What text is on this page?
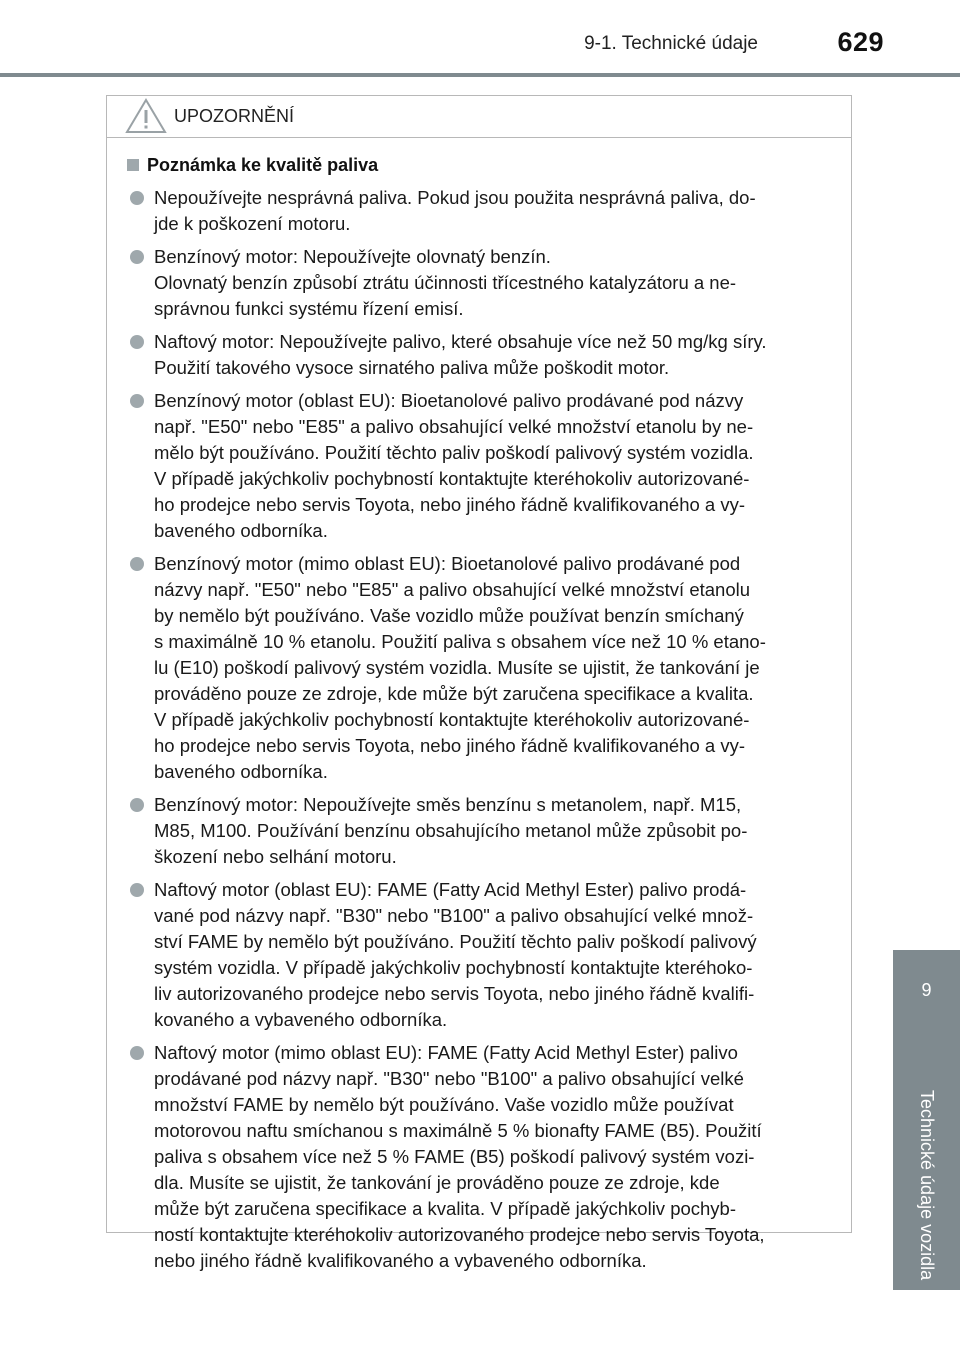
9-1. Technické údaje	629
9
Technické údaje vozidla
UPOZORNĚNÍ
Poznámka ke kvalitě paliva
Nepoužívejte nesprávná paliva. Pokud jsou použita nesprávná paliva, do-
jde k poškození motoru.
Benzínový motor: Nepoužívejte olovnatý benzín.
Olovnatý benzín způsobí ztrátu účinnosti třícestného katalyzátoru a ne-
správnou funkci systému řízení emisí.
Naftový motor: Nepoužívejte palivo, které obsahuje více než 50 mg/kg síry.
Použití takového vysoce sirnatého paliva může poškodit motor.
Benzínový motor (oblast EU): Bioetanolové palivo prodávané pod názvy
např. "E50" nebo "E85" a palivo obsahující velké množství etanolu by ne-
mělo být používáno. Použití těchto paliv poškodí palivový systém vozidla.
V případě jakýchkoliv pochybností kontaktujte kteréhokoliv autorizované-
ho prodejce nebo servis Toyota, nebo jiného řádně kvalifikovaného a vy-
baveného odborníka.
Benzínový motor (mimo oblast EU): Bioetanolové palivo prodávané pod
názvy např. "E50" nebo "E85" a palivo obsahující velké množství etanolu
by nemělo být používáno. Vaše vozidlo může používat benzín smíchaný
s maximálně 10 % etanolu. Použití paliva s obsahem více než 10 % etano-
lu (E10) poškodí palivový systém vozidla. Musíte se ujistit, že tankování je
prováděno pouze ze zdroje, kde může být zaručena specifikace a kvalita.
V případě jakýchkoliv pochybností kontaktujte kteréhokoliv autorizované-
ho prodejce nebo servis Toyota, nebo jiného řádně kvalifikovaného a vy-
baveného odborníka.
Benzínový motor: Nepoužívejte směs benzínu s metanolem, např. M15,
M85, M100. Používání benzínu obsahujícího metanol může způsobit po-
škození nebo selhání motoru.
Naftový motor (oblast EU): FAME (Fatty Acid Methyl Ester) palivo prodá-
vané pod názvy např. "B30" nebo "B100" a palivo obsahující velké množ-
ství FAME by nemělo být používáno. Použití těchto paliv poškodí palivový
systém vozidla. V případě jakýchkoliv pochybností kontaktujte kteréhoko-
liv autorizovaného prodejce nebo servis Toyota, nebo jiného řádně kvalifi-
kovaného a vybaveného odborníka.
Naftový motor (mimo oblast EU): FAME (Fatty Acid Methyl Ester) palivo
prodávané pod názvy např. "B30" nebo "B100" a palivo obsahující velké
množství FAME by nemělo být používáno. Vaše vozidlo může používat
motorovou naftu smíchanou s maximálně 5 % bionafty FAME (B5). Použití
paliva s obsahem více než 5 % FAME (B5) poškodí palivový systém vozi-
dla. Musíte se ujistit, že tankování je prováděno pouze ze zdroje, kde
může být zaručena specifikace a kvalita. V případě jakýchkoliv pochyb-
ností kontaktujte kteréhokoliv autorizovaného prodejce nebo servis Toyota,
nebo jiného řádně kvalifikovaného a vybaveného odborníka.
